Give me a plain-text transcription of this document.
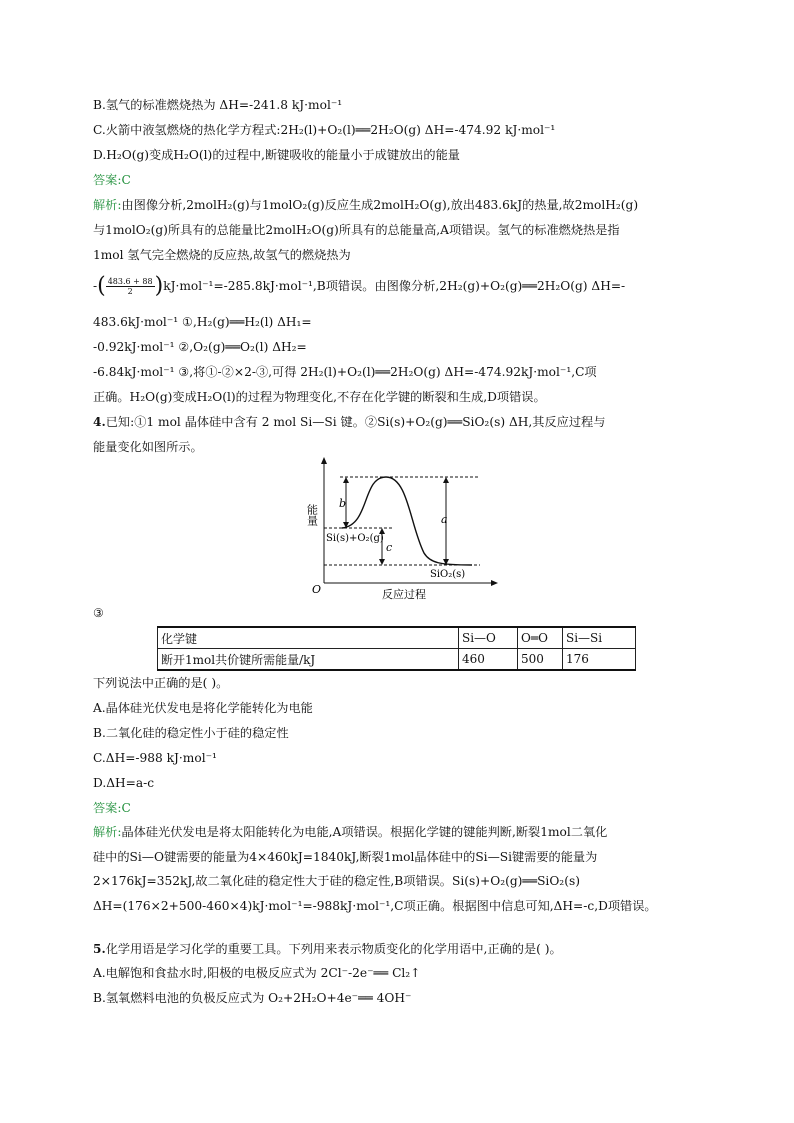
B.氢气的标准燃烧热为 ΔH=-241.8 kJ·mol⁻¹
C.火箭中液氢燃烧的热化学方程式:2H₂(l)+O₂(l)══2H₂O(g) ΔH=-474.92 kJ·mol⁻¹
D.H₂O(g)变成H₂O(l)的过程中,断键吸收的能量小于成键放出的能量
答案:C
解析:由图像分析,2molH₂(g)与1molO₂(g)反应生成2molH₂O(g),放出483.6kJ的热量,故2molH₂(g)
与1molO₂(g)所具有的总能量比2molH₂O(g)所具有的总能量高,A项错误。氢气的标准燃烧热是指
1mol 氢气完全燃烧的反应热,故氢气的燃烧热为
-( $\frac{483.6 + 88}{2} )kJ\cdot mol^{-1}=-285.8kJ\cdot mol^{-1},B$项错误。由图像分析,2H₂(g)+O₂(g)══2H₂O(g) ΔH=-
483.6kJ·mol⁻¹ ①,H₂(g)══H₂(l) ΔH₁=
-0.92kJ·mol⁻¹ ②,O₂(g)══O₂(l) ΔH₂=
-6.84kJ·mol⁻¹ ③,将①-②×2-③,可得 2H₂(l)+O₂(l)══2H₂O(g) ΔH=-474.92kJ·mol⁻¹,C项
正确。H₂O(g)变成H₂O(l)的过程为物理变化,不存在化学键的断裂和生成,D项错误。
4.已知:①1 mol 晶体硅中含有 2 mol Si—Si 键。②Si(s)+O₂(g)══SiO₂(s) ΔH,其反应过程与
能量变化如图所示。
能量
O	反应过程
b
a
c
Si(s)+O₂(g)
SiO₂(s)
③
化学键	Si—O	O═O	Si—Si
断开1mol共价键所需能量/kJ	460	500	176
下列说法中正确的是( )。
A.晶体硅光伏发电是将化学能转化为电能
B.二氧化硅的稳定性小于硅的稳定性
C.ΔH=-988 kJ·mol⁻¹
D.ΔH=a-c
答案:C
解析:晶体硅光伏发电是将太阳能转化为电能,A项错误。根据化学键的键能判断,断裂1mol二氧化
硅中的Si—O键需要的能量为4×460kJ=1840kJ,断裂1mol晶体硅中的Si—Si键需要的能量为
2×176kJ=352kJ,故二氧化硅的稳定性大于硅的稳定性,B项错误。Si(s)+O₂(g)══SiO₂(s)
ΔH=(176×2+500-460×4)kJ·mol⁻¹=-988kJ·mol⁻¹,C项正确。根据图中信息可知,ΔH=-c,D项错误。
5.化学用语是学习化学的重要工具。下列用来表示物质变化的化学用语中,正确的是( )。
A.电解饱和食盐水时,阳极的电极反应式为 2Cl⁻-2e⁻══ Cl₂↑
B.氢氧燃料电池的负极反应式为 O₂+2H₂O+4e⁻══ 4OH⁻
